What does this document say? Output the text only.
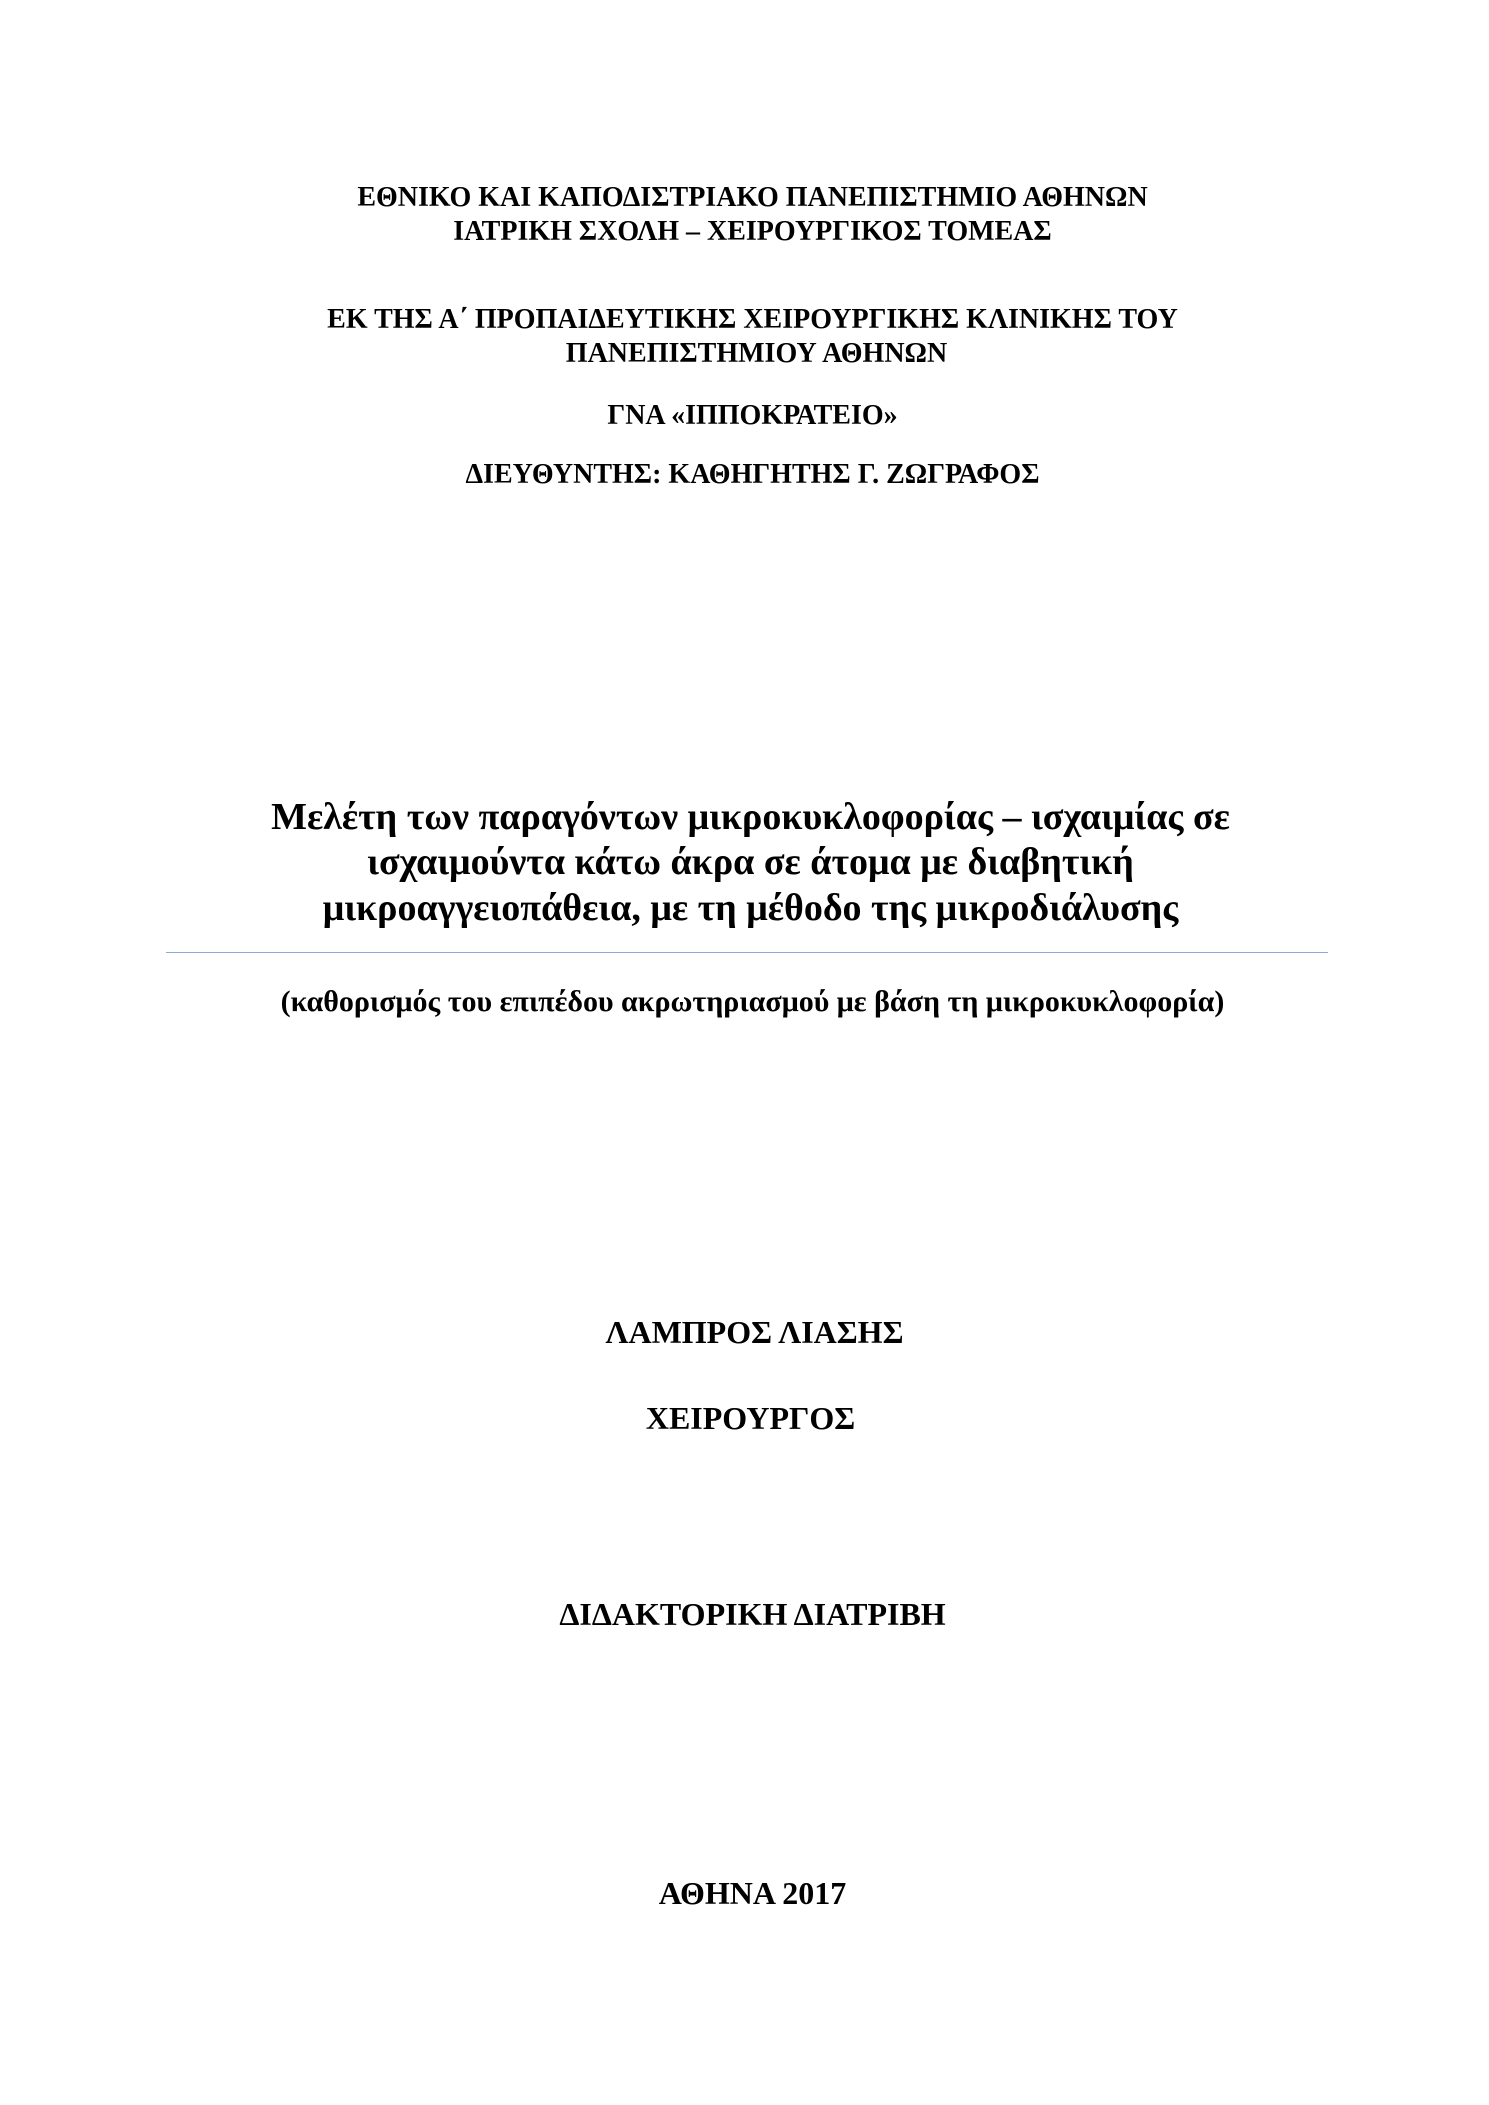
ΕΘΝΙΚΟ ΚΑΙ ΚΑΠΟΔΙΣΤΡΙΑΚΟ ΠΑΝΕΠΙΣΤΗΜΙΟ ΑΘΗΝΩΝ
ΙΑΤΡΙΚΗ ΣΧΟΛΗ – ΧΕΙΡΟΥΡΓΙΚΟΣ ΤΟΜΕΑΣ
ΕΚ ΤΗΣ Α΄ ΠΡΟΠΑΙΔΕΥΤΙΚΗΣ ΧΕΙΡΟΥΡΓΙΚΗΣ ΚΛΙΝΙΚΗΣ ΤΟΥ
ΠΑΝΕΠΙΣΤΗΜΙΟΥ ΑΘΗΝΩΝ
ΓΝΑ «ΙΠΠΟΚΡΑΤΕΙΟ»
ΔΙΕΥΘΥΝΤΗΣ: ΚΑΘΗΓΗΤΗΣ Γ. ΖΩΓΡΑΦΟΣ
Μελέτη των παραγόντων μικροκυκλοφορίας – ισχαιμίας σε
ισχαιμούντα κάτω άκρα σε άτομα με διαβητική
μικροαγγειοπάθεια, με τη μέθοδο της μικροδιάλυσης
(καθορισμός του επιπέδου ακρωτηριασμού με βάση τη μικροκυκλοφορία)
ΛΑΜΠΡΟΣ ΛΙΑΣΗΣ
ΧΕΙΡΟΥΡΓΟΣ
ΔΙΔΑΚΤΟΡΙΚΗ ΔΙΑΤΡΙΒΗ
ΑΘΗΝΑ 2017
